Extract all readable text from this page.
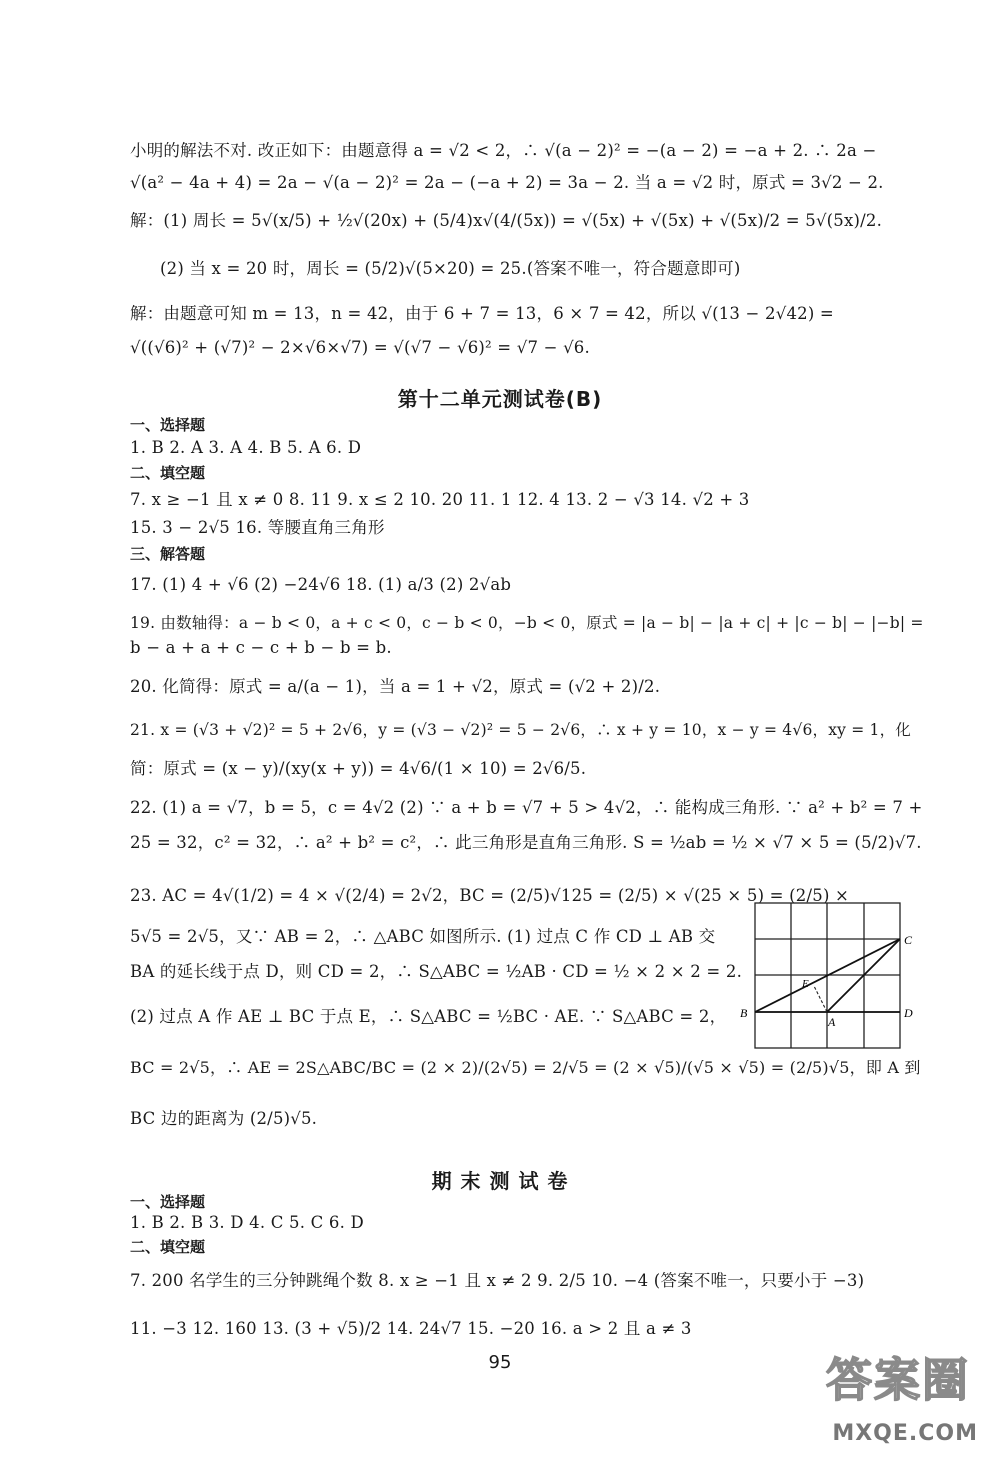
小明的解法不对. 改正如下：由题意得 a = √2 < 2，∴ √(a − 2)² = −(a − 2) = −a + 2. ∴ 2a −
√(a² − 4a + 4) = 2a − √(a − 2)² = 2a − (−a + 2) = 3a − 2. 当 a = √2 时，原式 = 3√2 − 2.
解：(1) 周长 = 5√(x/5) + ½√(20x) + (5/4)x√(4/(5x)) = √(5x) + √(5x) + √(5x)/2 = 5√(5x)/2.
(2) 当 x = 20 时，周长 = (5/2)√(5×20) = 25.(答案不唯一，符合题意即可)
解：由题意可知 m = 13，n = 42，由于 6 + 7 = 13，6 × 7 = 42，所以 √(13 − 2√42) =
√((√6)² + (√7)² − 2×√6×√7) = √(√7 − √6)² = √7 − √6.
第十二单元测试卷(B)
一、选择题
1. B 2. A 3. A 4. B 5. A 6. D
二、填空题
7. x ≥ −1 且 x ≠ 0 8. 11 9. x ≤ 2 10. 20 11. 1 12. 4 13. 2 − √3 14. √2 + 3
15. 3 − 2√5 16. 等腰直角三角形
三、解答题
17. (1) 4 + √6 (2) −24√6 18. (1) a/3 (2) 2√ab
19. 由数轴得：a − b < 0，a + c < 0，c − b < 0，−b < 0，原式 = |a − b| − |a + c| + |c − b| − |−b| =
b − a + a + c − c + b − b = b.
20. 化简得：原式 = a/(a − 1)，当 a = 1 + √2，原式 = (√2 + 2)/2.
21. x = (√3 + √2)² = 5 + 2√6，y = (√3 − √2)² = 5 − 2√6，∴ x + y = 10，x − y = 4√6，xy = 1，化
简：原式 = (x − y)/(xy(x + y)) = 4√6/(1 × 10) = 2√6/5.
22. (1) a = √7，b = 5，c = 4√2 (2) ∵ a + b = √7 + 5 > 4√2，∴ 能构成三角形. ∵ a² + b² = 7 +
25 = 32，c² = 32，∴ a² + b² = c²，∴ 此三角形是直角三角形. S = ½ab = ½ × √7 × 5 = (5/2)√7.
23. AC = 4√(1/2) = 4 × √(2/4) = 2√2，BC = (2/5)√125 = (2/5) × √(25 × 5) = (2/5) ×
5√5 = 2√5，又∵ AB = 2，∴ △ABC 如图所示. (1) 过点 C 作 CD ⊥ AB 交
BA 的延长线于点 D，则 CD = 2，∴ S△ABC = ½AB · CD = ½ × 2 × 2 = 2.
(2) 过点 A 作 AE ⊥ BC 于点 E，∴ S△ABC = ½BC · AE. ∵ S△ABC = 2，
BC = 2√5，∴ AE = 2S△ABC/BC = (2 × 2)/(2√5) = 2/√5 = (2 × √5)/(√5 × √5) = (2/5)√5，即 A 到
BC 边的距离为 (2/5)√5.
B
C
D
A
E
期 末 测 试 卷
一、选择题
1. B 2. B 3. D 4. C 5. C 6. D
二、填空题
7. 200 名学生的三分钟跳绳个数 8. x ≥ −1 且 x ≠ 2 9. 2/5 10. −4 (答案不唯一，只要小于 −3)
11. −3 12. 160 13. (3 + √5)/2 14. 24√7 15. −20 16. a > 2 且 a ≠ 3
95	答案圈
MXQE.COM
